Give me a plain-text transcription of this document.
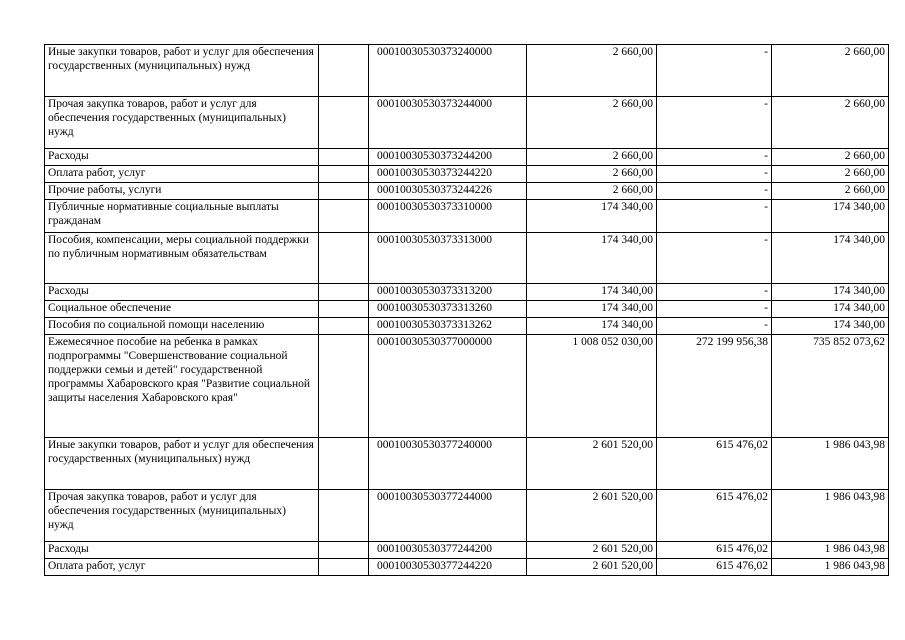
Иные закупки товаров, работ и услуг для обеспечения государственных (муниципальных) нужд		00010030530373240000	2 660,00	-	2 660,00
Прочая закупка товаров, работ и услуг для обеспечения государственных (муниципальных) нужд		00010030530373244000	2 660,00	-	2 660,00
Расходы		00010030530373244200	2 660,00	-	2 660,00
Оплата работ, услуг		00010030530373244220	2 660,00	-	2 660,00
Прочие работы, услуги		00010030530373244226	2 660,00	-	2 660,00
Публичные нормативные социальные выплаты гражданам		00010030530373310000	174 340,00	-	174 340,00
Пособия, компенсации, меры социальной поддержки по публичным нормативным обязательствам		00010030530373313000	174 340,00	-	174 340,00
Расходы		00010030530373313200	174 340,00	-	174 340,00
Социальное обеспечение		00010030530373313260	174 340,00	-	174 340,00
Пособия по социальной помощи населению		00010030530373313262	174 340,00	-	174 340,00
Ежемесячное пособие на ребенка в рамках подпрограммы "Совершенствование социальной поддержки семьи и детей" государственной программы Хабаровского края "Развитие социальной защиты населения Хабаровского края"		00010030530377000000	1 008 052 030,00	272 199 956,38	735 852 073,62
Иные закупки товаров, работ и услуг для обеспечения государственных (муниципальных) нужд		00010030530377240000	2 601 520,00	615 476,02	1 986 043,98
Прочая закупка товаров, работ и услуг для обеспечения государственных (муниципальных) нужд		00010030530377244000	2 601 520,00	615 476,02	1 986 043,98
Расходы		00010030530377244200	2 601 520,00	615 476,02	1 986 043,98
Оплата работ, услуг		00010030530377244220	2 601 520,00	615 476,02	1 986 043,98
